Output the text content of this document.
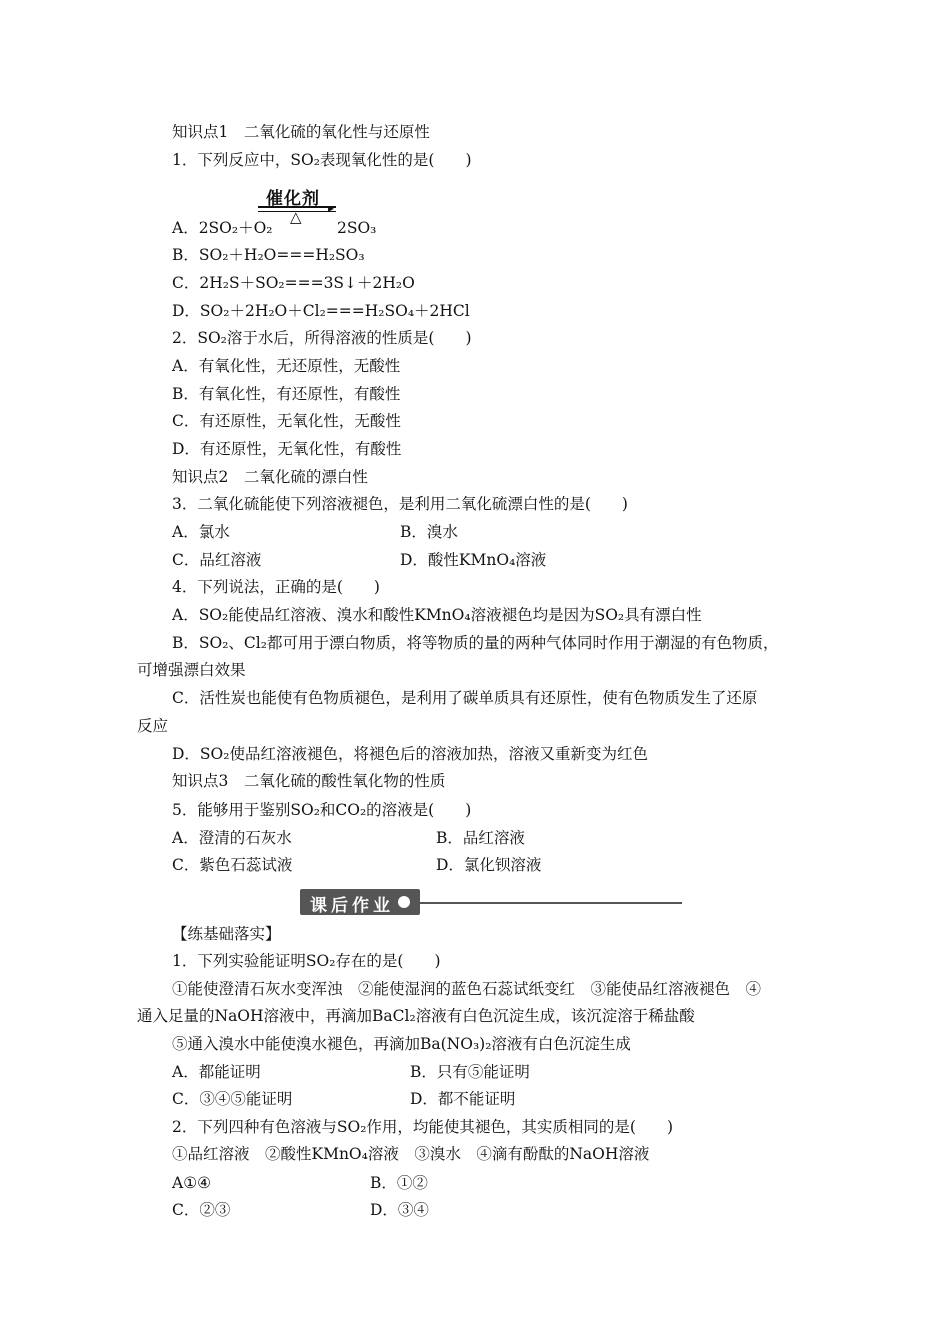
知识点1　二氧化硫的氧化性与还原性
1．下列反应中，SO₂表现氧化性的是(　　)
催化剂 ▸
△
A．2SO₂＋O₂	2SO₃
B．SO₂＋H₂O===H₂SO₃
C．2H₂S＋SO₂===3S↓＋2H₂O
D．SO₂＋2H₂O＋Cl₂===H₂SO₄＋2HCl
2．SO₂溶于水后，所得溶液的性质是(　　)
A．有氧化性，无还原性，无酸性
B．有氧化性，有还原性，有酸性
C．有还原性，无氧化性，无酸性
D．有还原性，无氧化性，有酸性
知识点2　二氧化硫的漂白性
3．二氧化硫能使下列溶液褪色，是利用二氧化硫漂白性的是(　　)
A．氯水	B．溴水
C．品红溶液	D．酸性KMnO₄溶液
4．下列说法，正确的是(　　)
A．SO₂能使品红溶液、溴水和酸性KMnO₄溶液褪色均是因为SO₂具有漂白性
B．SO₂、Cl₂都可用于漂白物质，将等物质的量的两种气体同时作用于潮湿的有色物质，
可增强漂白效果
C．活性炭也能使有色物质褪色，是利用了碳单质具有还原性，使有色物质发生了还原
反应
D．SO₂使品红溶液褪色，将褪色后的溶液加热，溶液又重新变为红色
知识点3　二氧化硫的酸性氧化物的性质
5．能够用于鉴别SO₂和CO₂的溶液是(　　)
A．澄清的石灰水	B．品红溶液
C．紫色石蕊试液	D．氯化钡溶液
课后作业
【练基础落实】
1．下列实验能证明SO₂存在的是(　　)
①能使澄清石灰水变浑浊　②能使湿润的蓝色石蕊试纸变红　③能使品红溶液褪色　④
通入足量的NaOH溶液中，再滴加BaCl₂溶液有白色沉淀生成，该沉淀溶于稀盐酸
⑤通入溴水中能使溴水褪色，再滴加Ba(NO₃)₂溶液有白色沉淀生成
A．都能证明	B．只有⑤能证明
C．③④⑤能证明	D．都不能证明
2．下列四种有色溶液与SO₂作用，均能使其褪色，其实质相同的是(　　)
①品红溶液　②酸性KMnO₄溶液　③溴水　④滴有酚酞的NaOH溶液
A①④	B．①②
C．②③	D．③④
